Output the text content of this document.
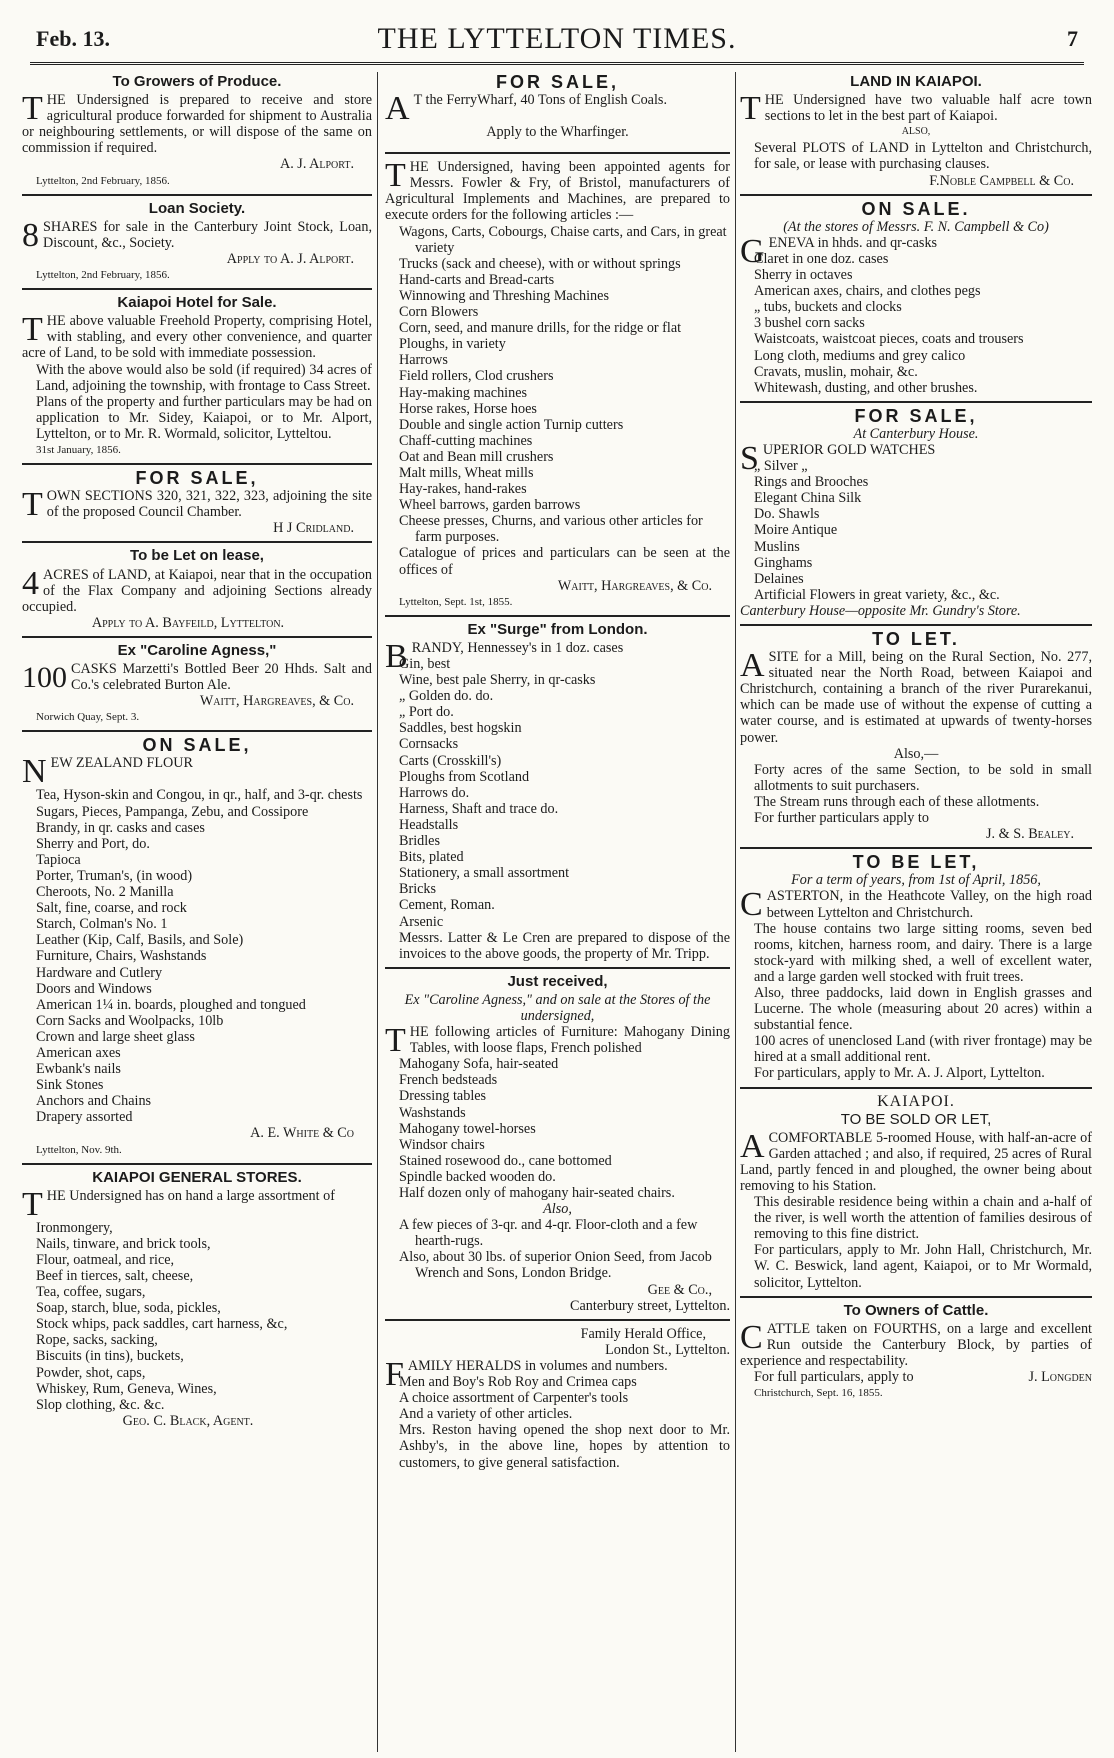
Feb. 13.	THE LYTTELTON TIMES.	7
To Growers of Produce.

THE Undersigned is prepared to receive and store agricultural produce forwarded for shipment to Australia or neighbouring settlements, or will dispose of the same on commission if required.

A. J. Alport.
Lyttelton, 2nd February, 1856.
Loan Society.

8 SHARES for sale in the Canterbury Joint Stock, Loan, Discount, &c., Society.

Apply to A. J. Alport.
Lyttelton, 2nd February, 1856.
Kaiapoi Hotel for Sale.

THE above valuable Freehold Property, comprising Hotel, with stabling, and every other convenience, and quarter acre of Land, to be sold with immediate possession.

With the above would also be sold (if required) 34 acres of Land, adjoining the township, with frontage to Cass Street.

Plans of the property and further particulars may be had on application to Mr. Sidey, Kaiapoi, or to Mr. Alport, Lyttelton, or to Mr. R. Wormald, solicitor, Lytteltou.

31st January, 1856.
FOR SALE,

TOWN SECTIONS 320, 321, 322, 323, adjoining the site of the proposed Council Chamber.

H J Cridland.
To be Let on lease,

4 ACRES of LAND, at Kaiapoi, near that in the occupation of the Flax Company and adjoining Sections already occupied.

Apply to A. Bayfeild, Lyttelton.
Ex "Caroline Agness,"

100 CASKS Marzetti's Bottled Beer 20 Hhds. Salt and Co.'s celebrated Burton Ale.

Waitt, Hargreaves, & Co.
Norwich Quay, Sept. 3.
ON SALE,

NEW ZEALAND FLOUR

Tea, Hyson-skin and Congou, in qr., half, and 3-qr. chests
Sugars, Pieces, Pampanga, Zebu, and Cossipore
Brandy, in qr. casks and cases
Sherry and Port, do.
Tapioca
Porter, Truman's, (in wood)
Cheroots, No. 2 Manilla
Salt, fine, coarse, and rock
Starch, Colman's No. 1
Leather (Kip, Calf, Basils, and Sole)
Furniture, Chairs, Washstands
Hardware and Cutlery
Doors and Windows
American 1¼ in. boards, ploughed and tongued
Corn Sacks and Woolpacks, 10lb
Crown and large sheet glass
American axes
Ewbank's nails
Sink Stones
Anchors and Chains
Drapery assorted
A. E. White & Co
Lyttelton, Nov. 9th.
KAIAPOI GENERAL STORES.

THE Undersigned has on hand a large assortment of

Ironmongery,
Nails, tinware, and brick tools,
Flour, oatmeal, and rice,
Beef in tierces, salt, cheese,
Tea, coffee, sugars,
Soap, starch, blue, soda, pickles,
Stock whips, pack saddles, cart harness, &c,
Rope, sacks, sacking,
Biscuits (in tins), buckets,
Powder, shot, caps,
Whiskey, Rum, Geneva, Wines,
Slop clothing, &c. &c.
Geo. C. Black, Agent.
FOR SALE,

A T the FerryWharf, 40 Tons of English Coals.

Apply to the Wharfinger.

THE Undersigned, having been appointed agents for Messrs. Fowler & Fry, of Bristol, manufacturers of Agricultural Implements and Machines, are prepared to execute orders for the following articles :—

Wagons, Carts, Cobourgs, Chaise carts, and Cars, in great variety
Trucks (sack and cheese), with or without springs
Hand-carts and Bread-carts
Winnowing and Threshing Machines
Corn Blowers
Corn, seed, and manure drills, for the ridge or flat
Ploughs, in variety
Harrows
Field rollers, Clod crushers
Hay-making machines
Horse rakes, Horse hoes
Double and single action Turnip cutters
Chaff-cutting machines
Oat and Bean mill crushers
Malt mills, Wheat mills
Hay-rakes, hand-rakes
Wheel barrows, garden barrows
Cheese presses, Churns, and various other articles for farm purposes.

Catalogue of prices and particulars can be seen at the offices of

Waitt, Hargreaves, & Co.
Lyttelton, Sept. 1st, 1855.
Ex "Surge" from London.

BRANDY, Hennessey's in 1 doz. cases

Gin, best
Wine, best pale Sherry, in qr-casks
„ Golden do. do.
„ Port do.
Saddles, best hogskin
Cornsacks
Carts (Crosskill's)
Ploughs from Scotland
Harrows do.
Harness, Shaft and trace do.
Headstalls
Bridles
Bits, plated
Stationery, a small assortment
Bricks
Cement, Roman.
Arsenic

Messrs. Latter & Le Cren are prepared to dispose of the invoices to the above goods, the property of Mr. Tripp.

Just received,
Ex "Caroline Agness," and on sale at the Stores of the undersigned,

THE following articles of Furniture: Mahogany Dining Tables, with loose flaps, French polished

Mahogany Sofa, hair-seated
French bedsteads
Dressing tables
Washstands
Mahogany towel-horses
Windsor chairs
Stained rosewood do., cane bottomed
Spindle backed wooden do.
Half dozen only of mahogany hair-seated chairs.
Also,
A few pieces of 3-qr. and 4-qr. Floor-cloth and a few hearth-rugs.
Also, about 30 lbs. of superior Onion Seed, from Jacob Wrench and Sons, London Bridge.
Gee & Co.,
Canterbury street, Lyttelton.
Family Herald Office,
London St., Lyttelton.

FAMILY HERALDS in volumes and numbers.

Men and Boy's Rob Roy and Crimea caps
A choice assortment of Carpenter's tools
And a variety of other articles.

Mrs. Reston having opened the shop next door to Mr. Ashby's, in the above line, hopes by attention to customers, to give general satisfaction.

LAND IN KAIAPOI.

THE Undersigned have two valuable half acre town sections to let in the best part of Kaiapoi.

ALSO,

Several PLOTS of LAND in Lyttelton and Christchurch, for sale, or lease with purchasing clauses.

F.Noble Campbell & Co.
ON SALE.
(At the stores of Messrs. F. N. Campbell & Co)

GENEVA in hhds. and qr-casks

Claret in one doz. cases
Sherry in octaves
American axes, chairs, and clothes pegs
„ tubs, buckets and clocks
3 bushel corn sacks
Waistcoats, waistcoat pieces, coats and trousers
Long cloth, mediums and grey calico
Cravats, muslin, mohair, &c.
Whitewash, dusting, and other brushes.
FOR SALE,
At Canterbury House.

SUPERIOR GOLD WATCHES

„ Silver „
Rings and Brooches
Elegant China Silk
Do. Shawls
Moire Antique
Muslins
Ginghams
Delaines
Artificial Flowers in great variety, &c., &c.

Canterbury House—opposite Mr. Gundry's Store.

TO LET.

ASITE for a Mill, being on the Rural Section, No. 277, situated near the North Road, between Kaiapoi and Christchurch, containing a branch of the river Purarekanui, which can be made use of without the expense of cutting a water course, and is estimated at upwards of twenty-horses power.

Also,—

Forty acres of the same Section, to be sold in small allotments to suit purchasers.

The Stream runs through each of these allotments.

For further particulars apply to

J. & S. Bealey.
TO BE LET,
For a term of years, from 1st of April, 1856,

CASTERTON, in the Heathcote Valley, on the high road between Lyttelton and Christchurch.

The house contains two large sitting rooms, seven bed rooms, kitchen, harness room, and dairy. There is a large stock-yard with milking shed, a well of excellent water, and a large garden well stocked with fruit trees.

Also, three paddocks, laid down in English grasses and Lucerne. The whole (measuring about 20 acres) within a substantial fence.

100 acres of unenclosed Land (with river frontage) may be hired at a small additional rent.

For particulars, apply to Mr. A. J. Alport, Lyttelton.

KAIAPOI.
TO BE SOLD OR LET,

ACOMFORTABLE 5-roomed House, with half-an-acre of Garden attached ; and also, if required, 25 acres of Rural Land, partly fenced in and ploughed, the owner being about removing to his Station.

This desirable residence being within a chain and a-half of the river, is well worth the attention of families desirous of removing to this fine district.

For particulars, apply to Mr. John Hall, Christchurch, Mr. W. C. Beswick, land agent, Kaiapoi, or to Mr Wormald, solicitor, Lyttelton.

To Owners of Cattle.

CATTLE taken on FOURTHS, on a large and excellent Run outside the Canterbury Block, by parties of experience and respectability.

For full particulars, apply to	J. Longden

Christchurch, Sept. 16, 1855.
